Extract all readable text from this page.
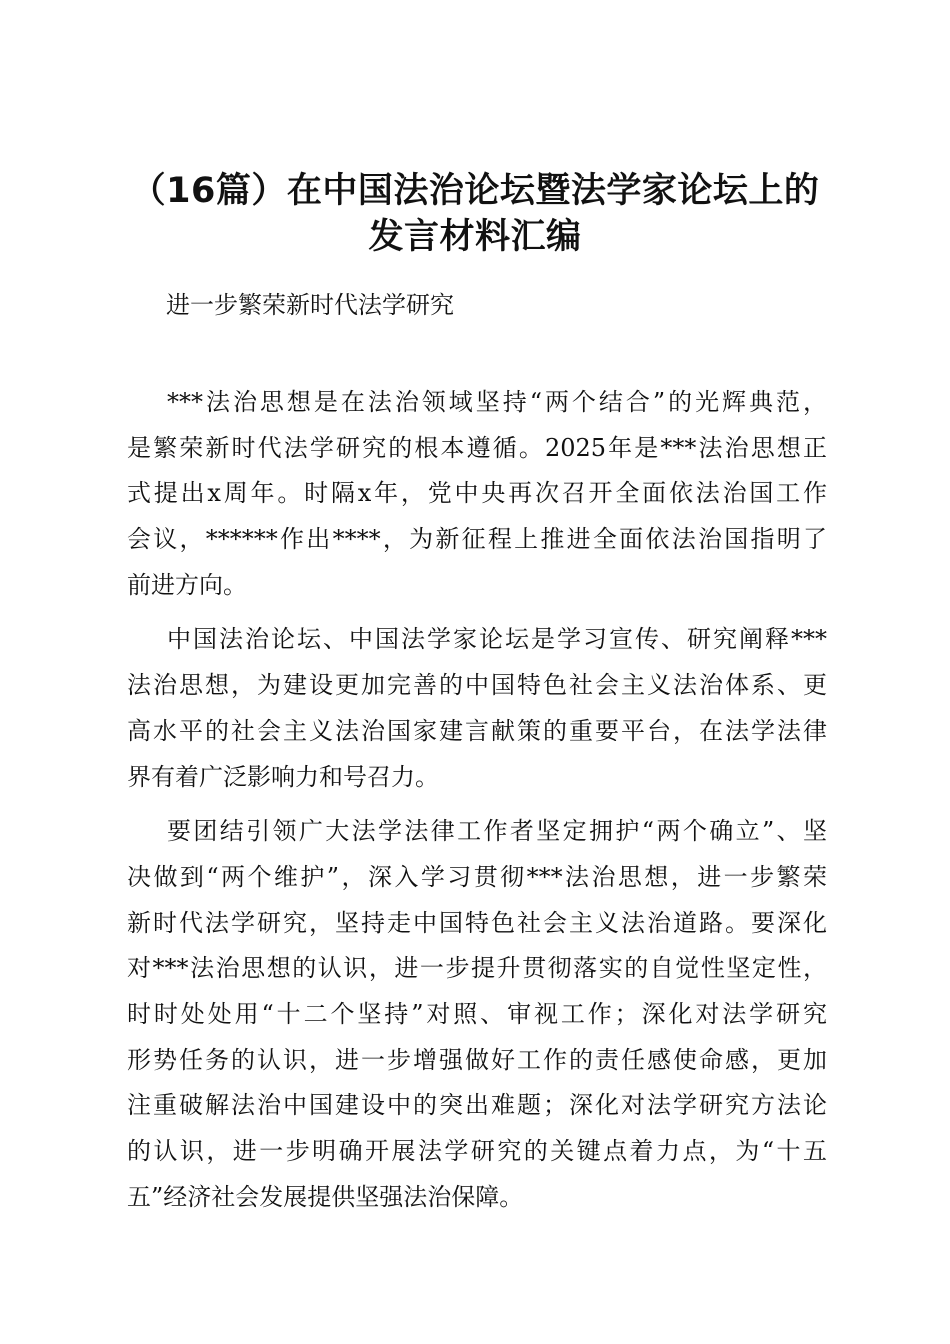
（16篇）在中国法治论坛暨法学家论坛上的
发言材料汇编
进一步繁荣新时代法学研究
***法治思想是在法治领域坚持“两个结合”的光辉典范，
是繁荣新时代法学研究的根本遵循。2025年是***法治思想正
式提出x周年。时隔x年，党中央再次召开全面依法治国工作
会议，******作出****，为新征程上推进全面依法治国指明了
前进方向。
中国法治论坛、中国法学家论坛是学习宣传、研究阐释***
法治思想，为建设更加完善的中国特色社会主义法治体系、更
高水平的社会主义法治国家建言献策的重要平台，在法学法律
界有着广泛影响力和号召力。
要团结引领广大法学法律工作者坚定拥护“两个确立”、坚
决做到“两个维护”，深入学习贯彻***法治思想，进一步繁荣
新时代法学研究，坚持走中国特色社会主义法治道路。要深化
对***法治思想的认识，进一步提升贯彻落实的自觉性坚定性，
时时处处用“十二个坚持”对照、审视工作；深化对法学研究
形势任务的认识，进一步增强做好工作的责任感使命感，更加
注重破解法治中国建设中的突出难题；深化对法学研究方法论
的认识，进一步明确开展法学研究的关键点着力点，为“十五
五”经济社会发展提供坚强法治保障。
